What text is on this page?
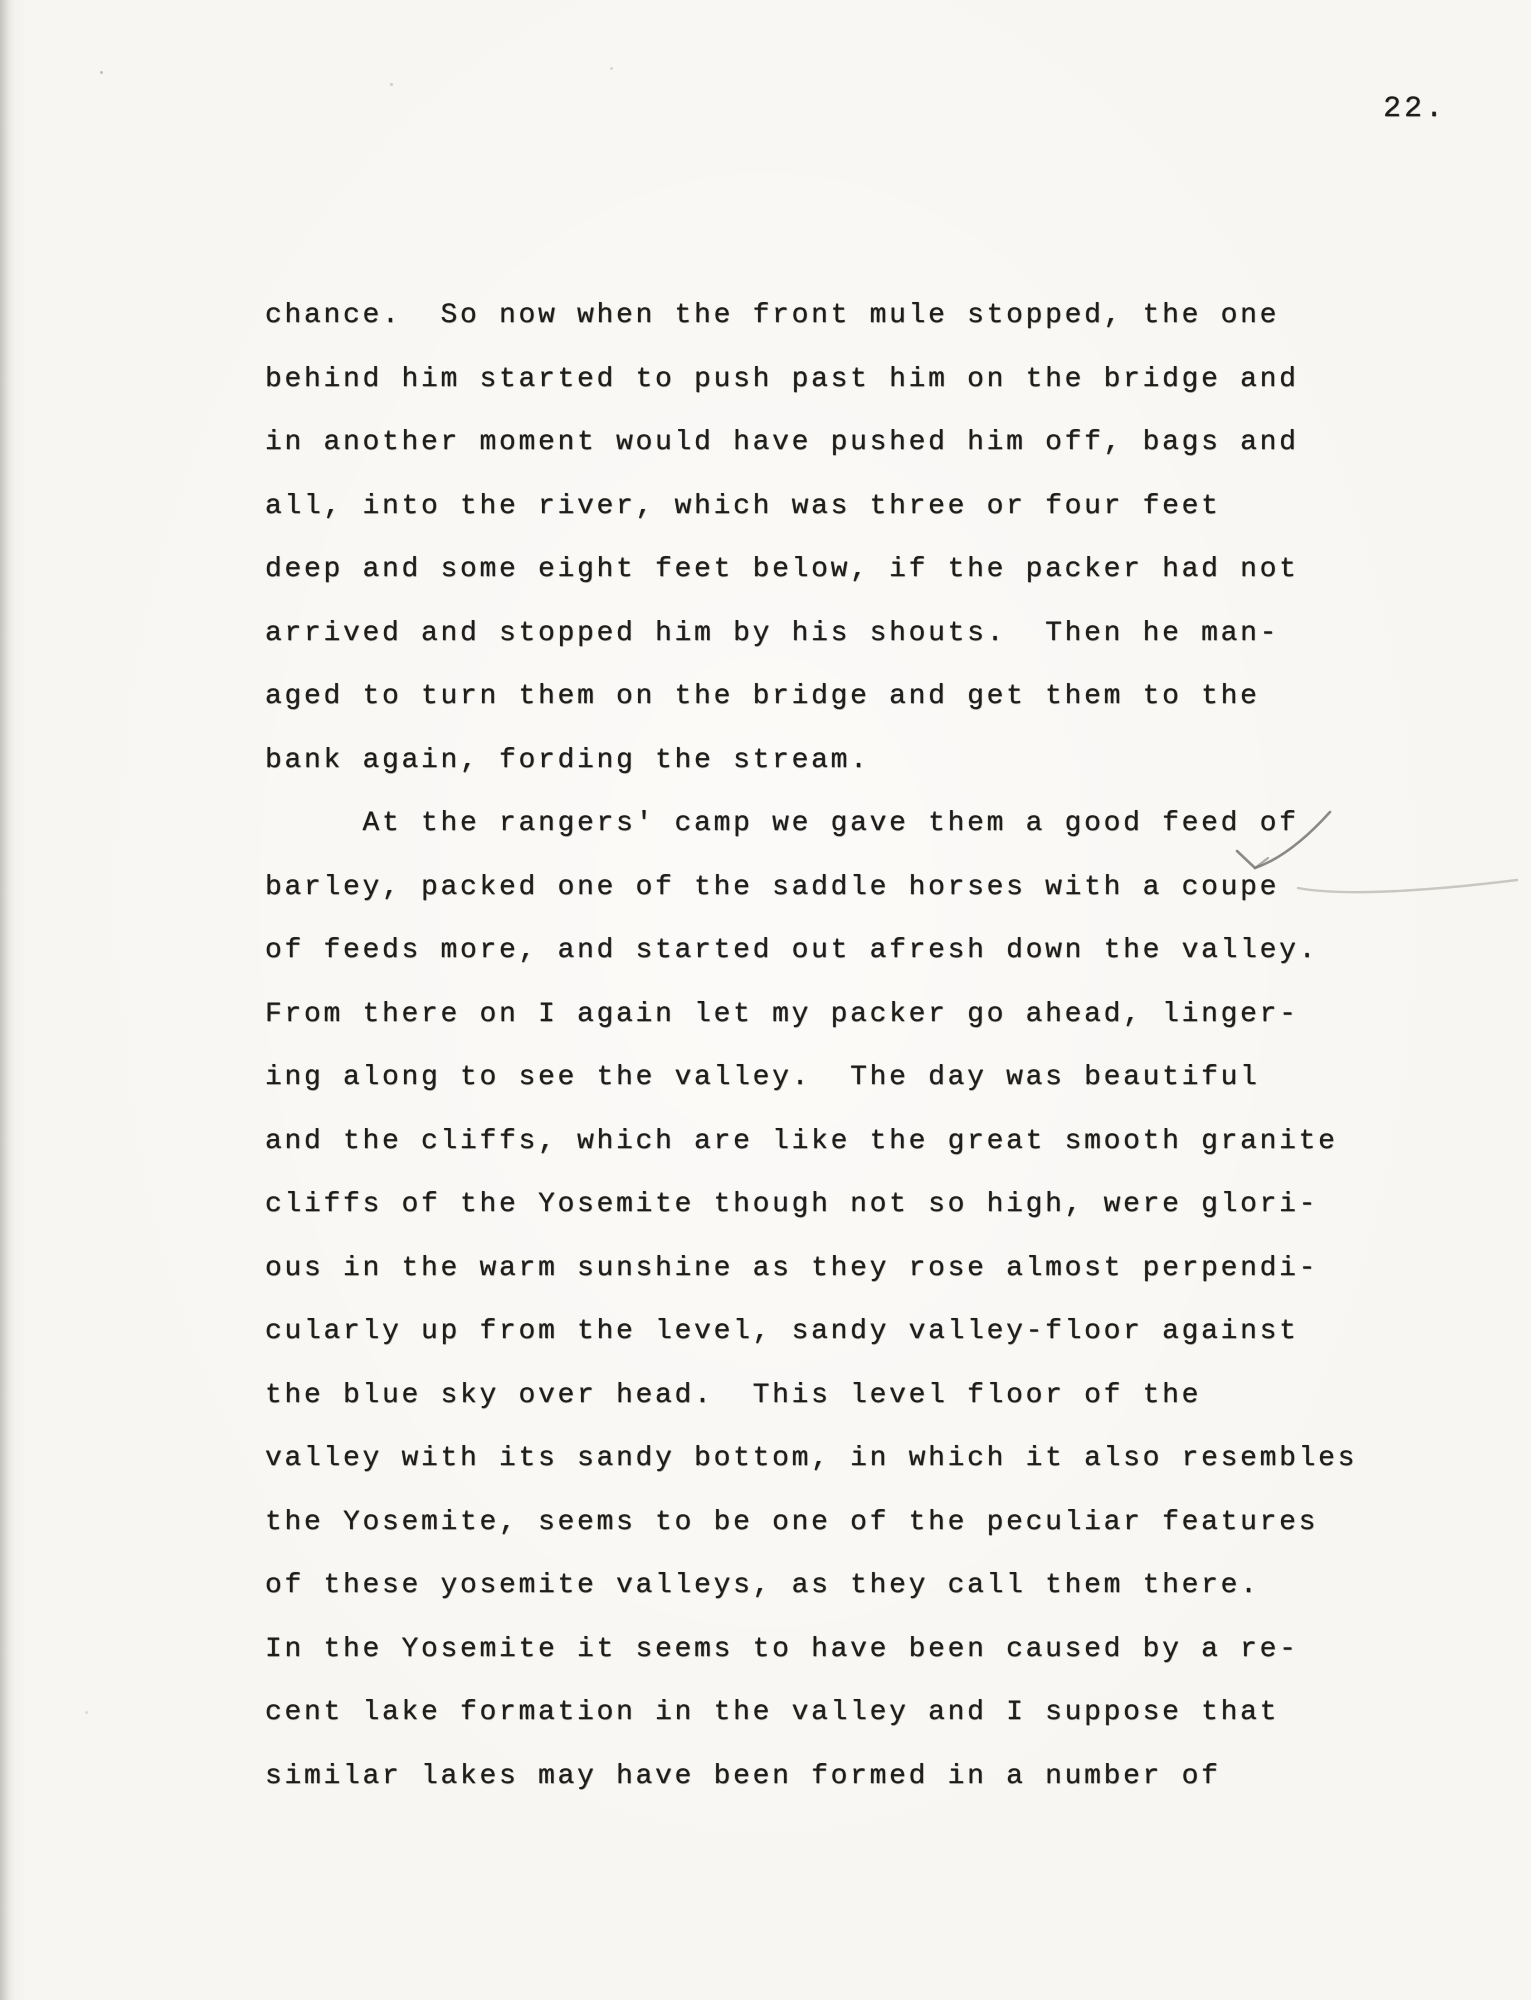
22.
chance.  So now when the front mule stopped, the one
behind him started to push past him on the bridge and
in another moment would have pushed him off, bags and
all, into the river, which was three or four feet
deep and some eight feet below, if the packer had not
arrived and stopped him by his shouts.  Then he man-
aged to turn them on the bridge and get them to the
bank again, fording the stream.
At the rangers' camp we gave them a good feed of
barley, packed one of the saddle horses with a coupe
of feeds more, and started out afresh down the valley.
From there on I again let my packer go ahead, linger-
ing along to see the valley.  The day was beautiful
and the cliffs, which are like the great smooth granite
cliffs of the Yosemite though not so high, were glori-
ous in the warm sunshine as they rose almost perpendi-
cularly up from the level, sandy valley-floor against
the blue sky over head.  This level floor of the
valley with its sandy bottom, in which it also resembles
the Yosemite, seems to be one of the peculiar features
of these yosemite valleys, as they call them there.
In the Yosemite it seems to have been caused by a re-
cent lake formation in the valley and I suppose that
similar lakes may have been formed in a number of
